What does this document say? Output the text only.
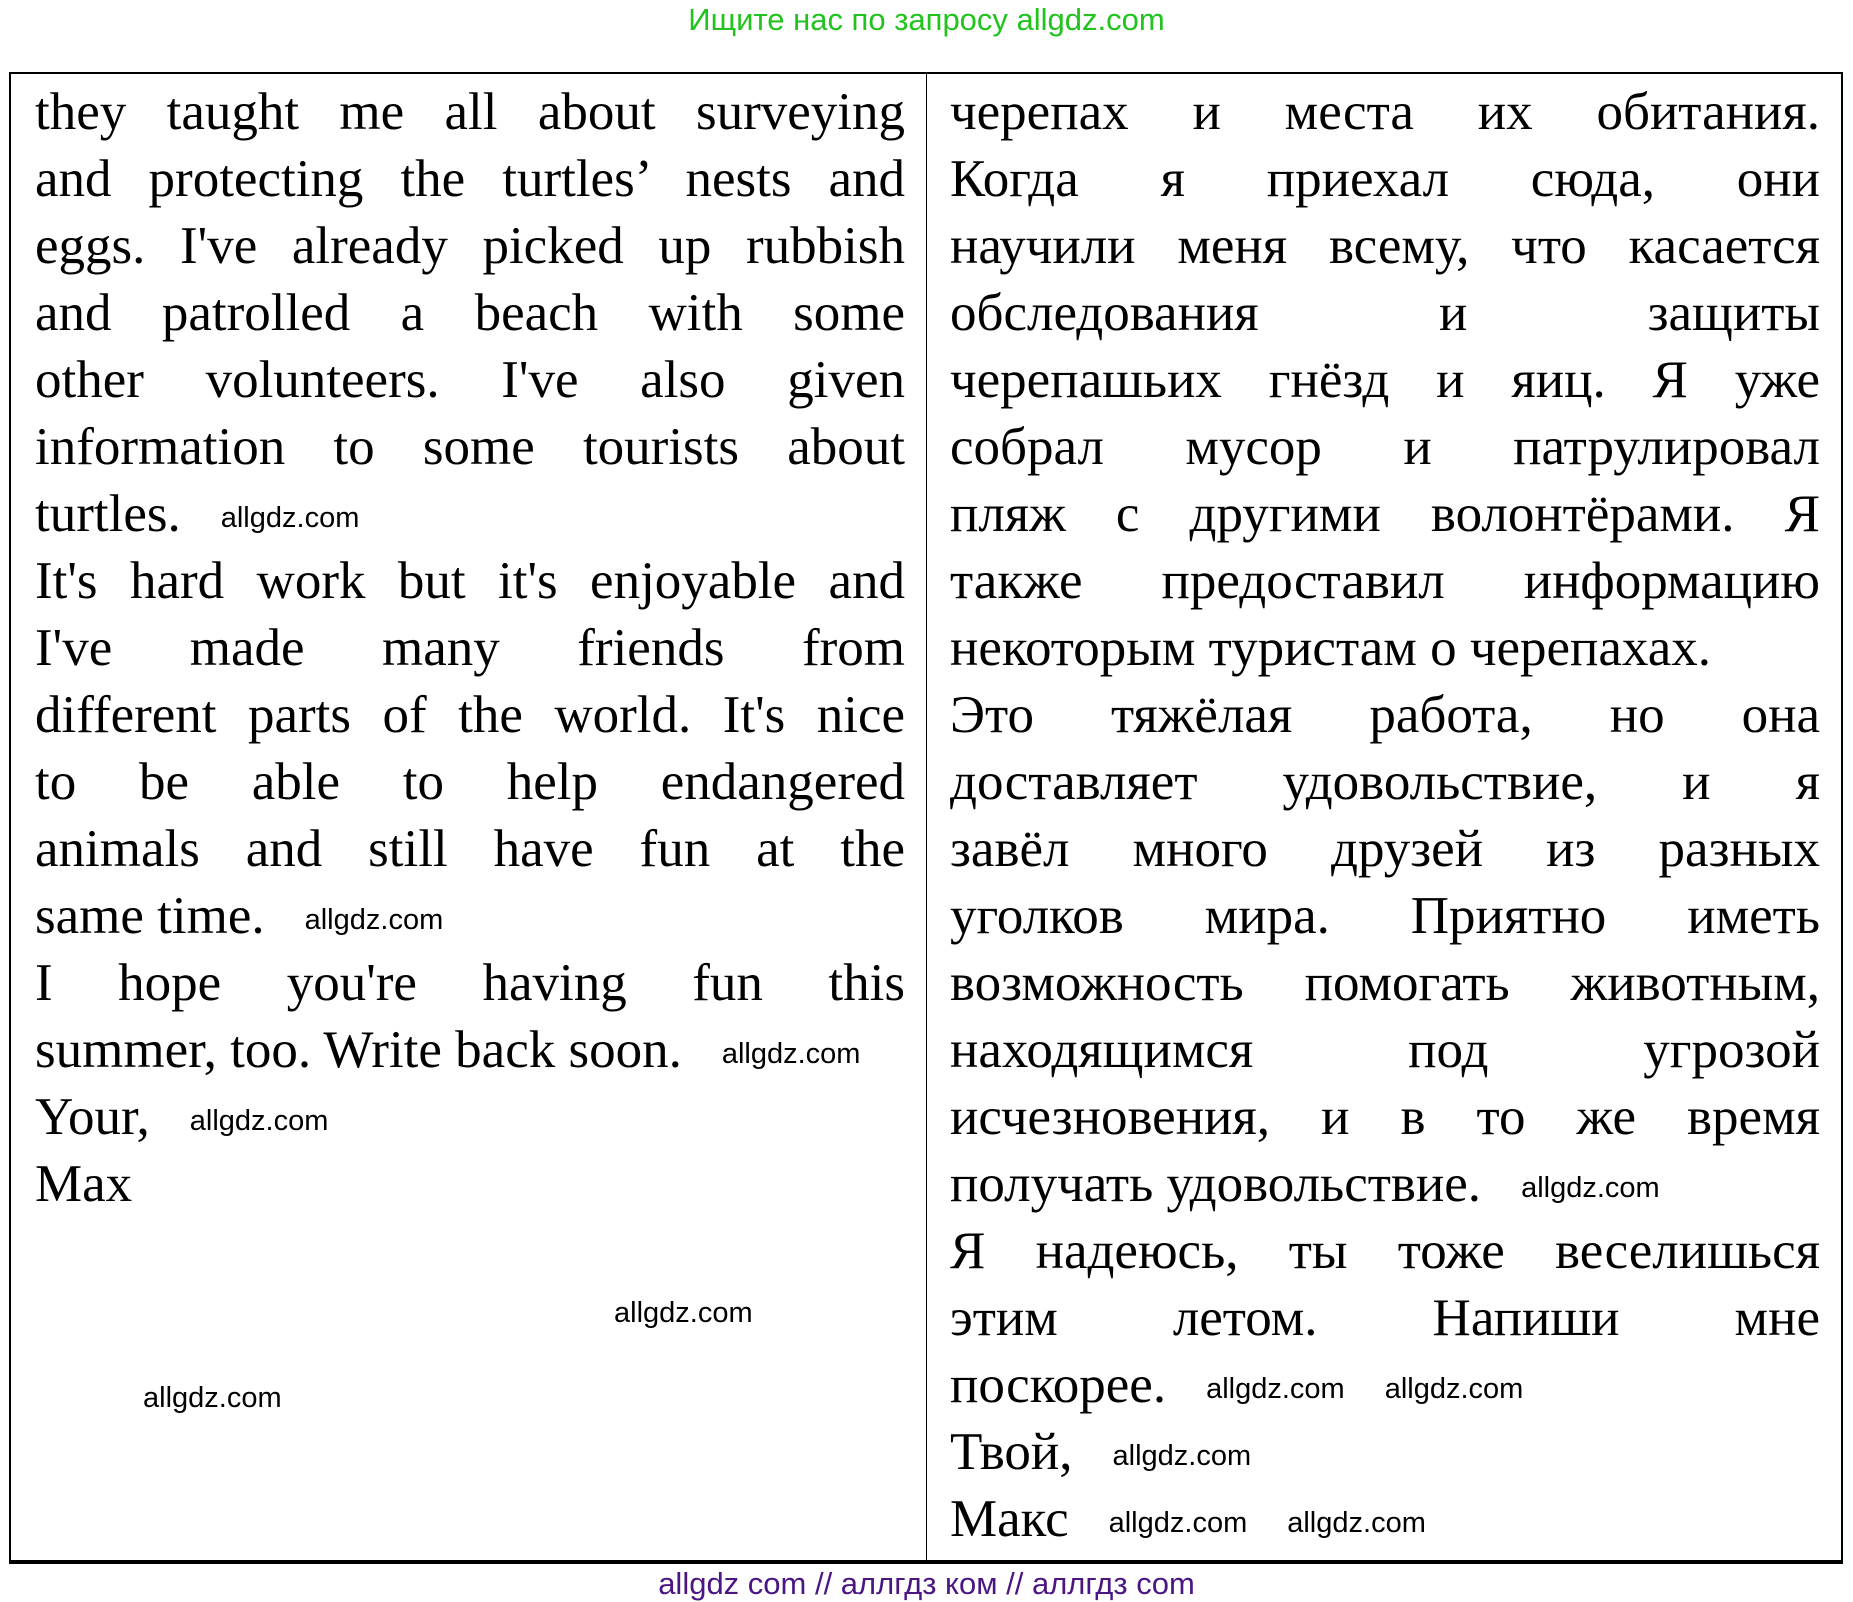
Ищите нас по запросу allgdz.com
they taught me all about surveying
and protecting the turtles’ nests and
eggs. I've already picked up rubbish
and patrolled a beach with some
other volunteers. I've also given
information to some tourists about
turtles. allgdz.com
It's hard work but it's enjoyable and
I've made many friends from
different parts of the world. It's nice
to be able to help endangered
animals and still have fun at the
same time. allgdz.com
I hope you're having fun this
summer, too. Write back soon. allgdz.com
Your, allgdz.com
Max
черепах и места их обитания.
Когда я приехал сюда, они
научили меня всему, что касается
обследования и защиты
черепашьих гнёзд и яиц. Я уже
собрал мусор и патрулировал
пляж с другими волонтёрами. Я
также предоставил информацию
некоторым туристам о черепахах.
Это тяжёлая работа, но она
доставляет удовольствие, и я
завёл много друзей из разных
уголков мира. Приятно иметь
возможность помогать животным,
находящимся под угрозой
исчезновения, и в то же время
получать удовольствие. allgdz.com
Я надеюсь, ты тоже веселишься
этим летом. Напиши мне
поскорее. allgdz.com allgdz.com
Твой, allgdz.com
Макс allgdz.com allgdz.com
allgdz.com
allgdz.com
allgdz com // аллгдз ком // аллгдз com
